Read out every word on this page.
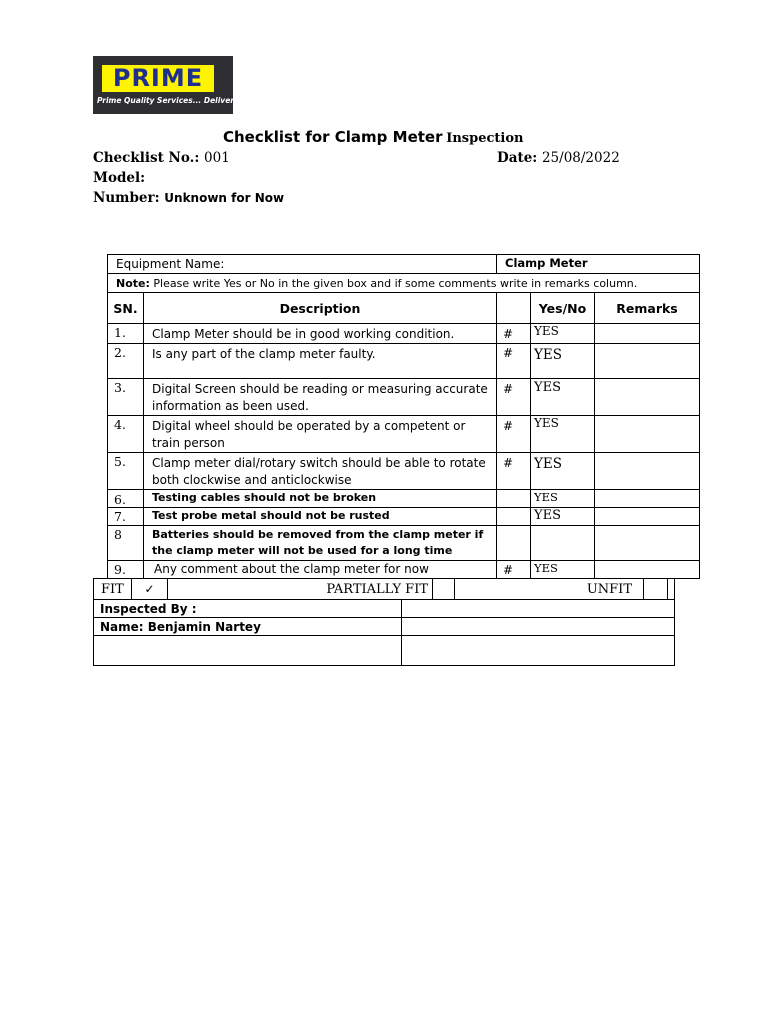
PRIME
Prime Quality Services... Delivered...
Checklist for Clamp Meter Inspection
Checklist No.: 001	Date: 25/08/2022
Model:
Number: Unknown for Now
Equipment Name:		Clamp Meter		
Note: Please write Yes or No in the given box and if some comments write in remarks column.				
SN.	Description		Yes/No	Remarks
1.	Clamp Meter should be in good working condition.	#	YES	
2.	Is any part of the clamp meter faulty.	#	YES	
3.	Digital Screen should be reading or measuring accurate information as been used.	#	YES	
4.	Digital wheel should be operated by a competent or train person	#	YES	
5.	Clamp meter dial/rotary switch should be able to rotate both clockwise and anticlockwise	#	YES	
6.	Testing cables should not be broken		YES	
7.	Test probe metal should not be rusted		YES	
8	Batteries should be removed from the clamp meter if the clamp meter will not be used for a long time			
9.	Any comment about the clamp meter for now	#	YES	
FIT	✓	PARTIALLY FIT		UNFIT		
Inspected By :	
Name: Benjamin Nartey	
